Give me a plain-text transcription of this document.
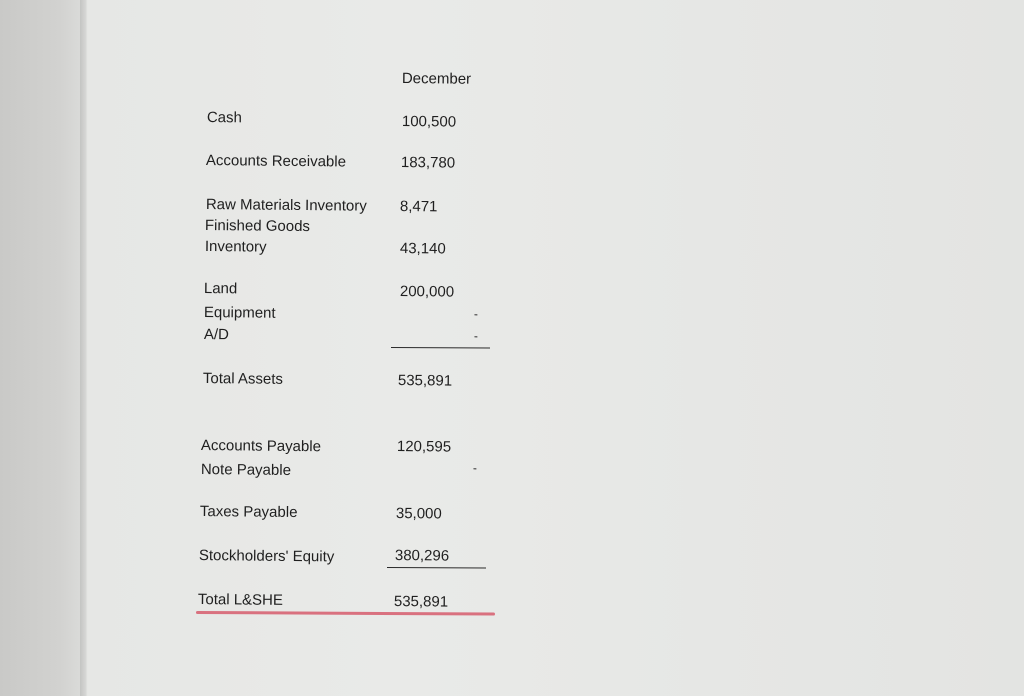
December
Cash	100,500
Accounts Receivable	183,780
Raw Materials Inventory 8,471
Finished Goods
Inventory	43,140
Land	200,000
Equipment	-
A/D	-
Total Assets	535,891
Accounts Payable	120,595
Note Payable	-
Taxes Payable	35,000
Stockholders' Equity	380,296
Total L&SHE	535,891
